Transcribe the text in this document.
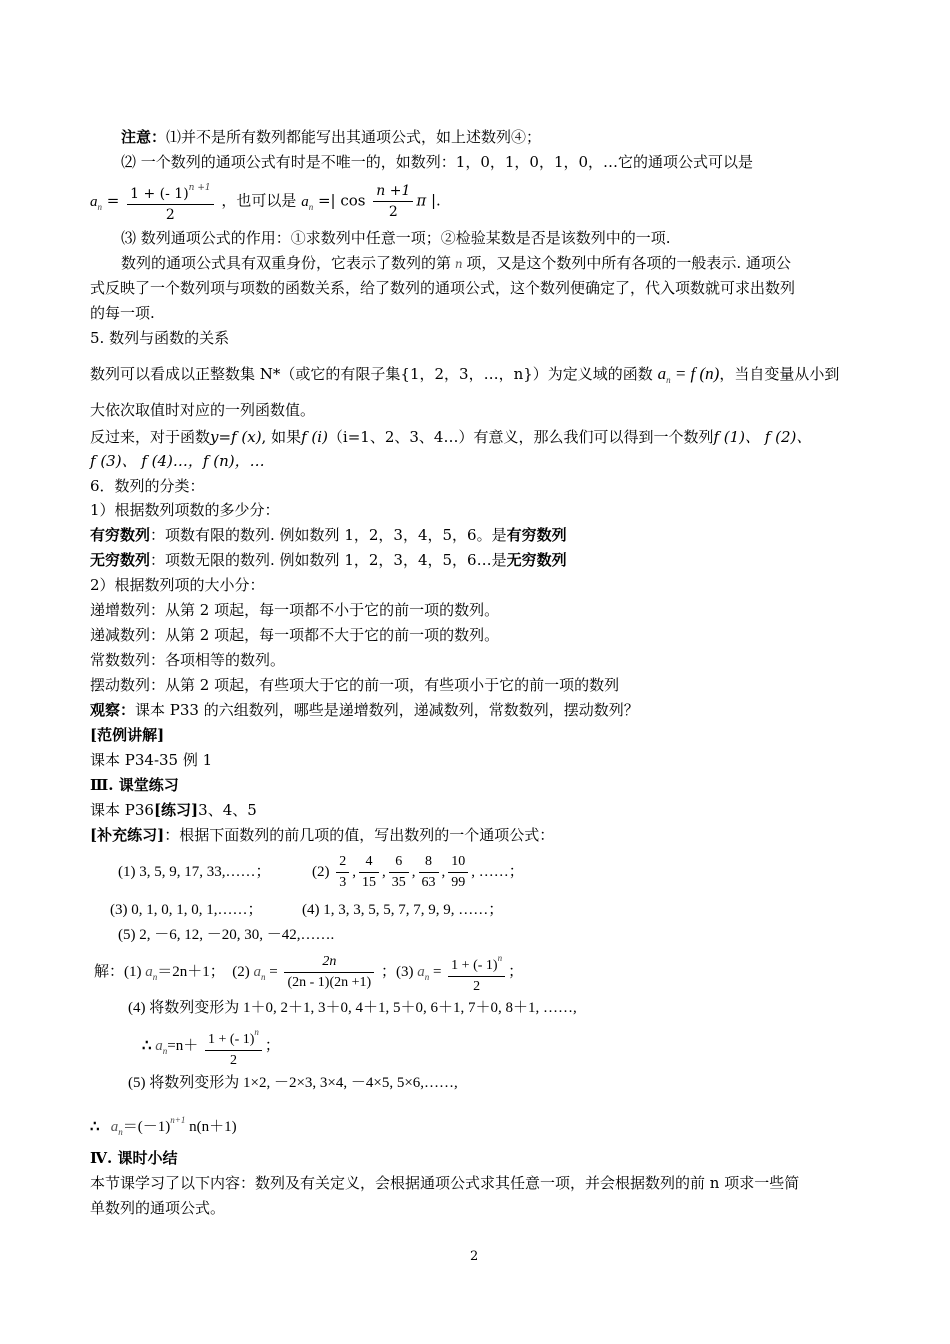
注意：⑴并不是所有数列都能写出其通项公式，如上述数列④；
⑵ 一个数列的通项公式有时是不唯一的，如数列：1，0，1，0，1，0，…它的通项公式可以是
$a_n = \frac{1 + (- 1)^{n +1}}{2}$ ，也可以是 $a_n$ =| $\cos \frac{n +1}{2}$ π |.
⑶ 数列通项公式的作用：①求数列中任意一项；②检验某数是否是该数列中的一项.
数列的通项公式具有双重身份，它表示了数列的第 n 项，又是这个数列中所有各项的一般表示. 通项公
式反映了一个数列项与项数的函数关系，给了数列的通项公式，这个数列便确定了，代入项数就可求出数列
的每一项.
5. 数列与函数的关系
数列可以看成以正整数集 N*（或它的有限子集{1，2，3，…，n}）为定义域的函数 $a_n = f$ (n)，当自变量从小到
大依次取值时对应的一列函数值。
反过来，对于函数y=f (x), 如果f (i)（i=1、2、3、4…）有意义，那么我们可以得到一个数列f (1)、 f (2)、
f (3)、 f (4)…，f (n)，…
6．数列的分类：
1）根据数列项数的多少分：
有穷数列：项数有限的数列. 例如数列 1，2，3，4，5，6。是有穷数列
无穷数列：项数无限的数列. 例如数列 1，2，3，4，5，6…是无穷数列
2）根据数列项的大小分：
递增数列：从第 2 项起，每一项都不小于它的前一项的数列。
递减数列：从第 2 项起，每一项都不大于它的前一项的数列。
常数数列：各项相等的数列。
摆动数列：从第 2 项起，有些项大于它的前一项，有些项小于它的前一项的数列
观察：课本 P33 的六组数列，哪些是递增数列，递减数列，常数数列，摆动数列？
[范例讲解]
课本 P34-35 例 1
Ⅲ. 课堂练习
课本 P36[练习]3、4、5
[补充练习]：根据下面数列的前几项的值，写出数列的一个通项公式：
(1) 3, 5, 9, 17, 33,……；	$(2) \frac{2}{3}$ , $\frac{4}{15}$ , $\frac{6}{35}$ , $\frac{8}{63}$ , $\frac{10}{99}$ , ……；
(3) 0, 1, 0, 1, 0, 1,……；	(4) 1, 3, 3, 5, 5, 7, 7, 9, 9, ……；
(5) 2, －6, 12, －20, 30, －42,…….
解：(1) $a_n=2n+1$； (2) $a_n = \frac{2n}{(2n - 1)(2n +1)}$ ；(3) $a_n = \frac{1 + (- 1)^n}{2}$ ；
(4) 将数列变形为 1＋0, 2＋1, 3＋0, 4＋1, 5＋0, 6＋1, 7＋0, 8＋1, ……,
∴ $a_n=n+ \frac{1 + (- 1)^n}{2}$ ；
(5) 将数列变形为 1×2, －2×3, 3×4, －4×5, 5×6,……,
∴ $a_n=(-1)^{n+1}$ n(n＋1)
Ⅳ. 课时小结
本节课学习了以下内容：数列及有关定义，会根据通项公式求其任意一项，并会根据数列的前 n 项求一些简
单数列的通项公式。
2
